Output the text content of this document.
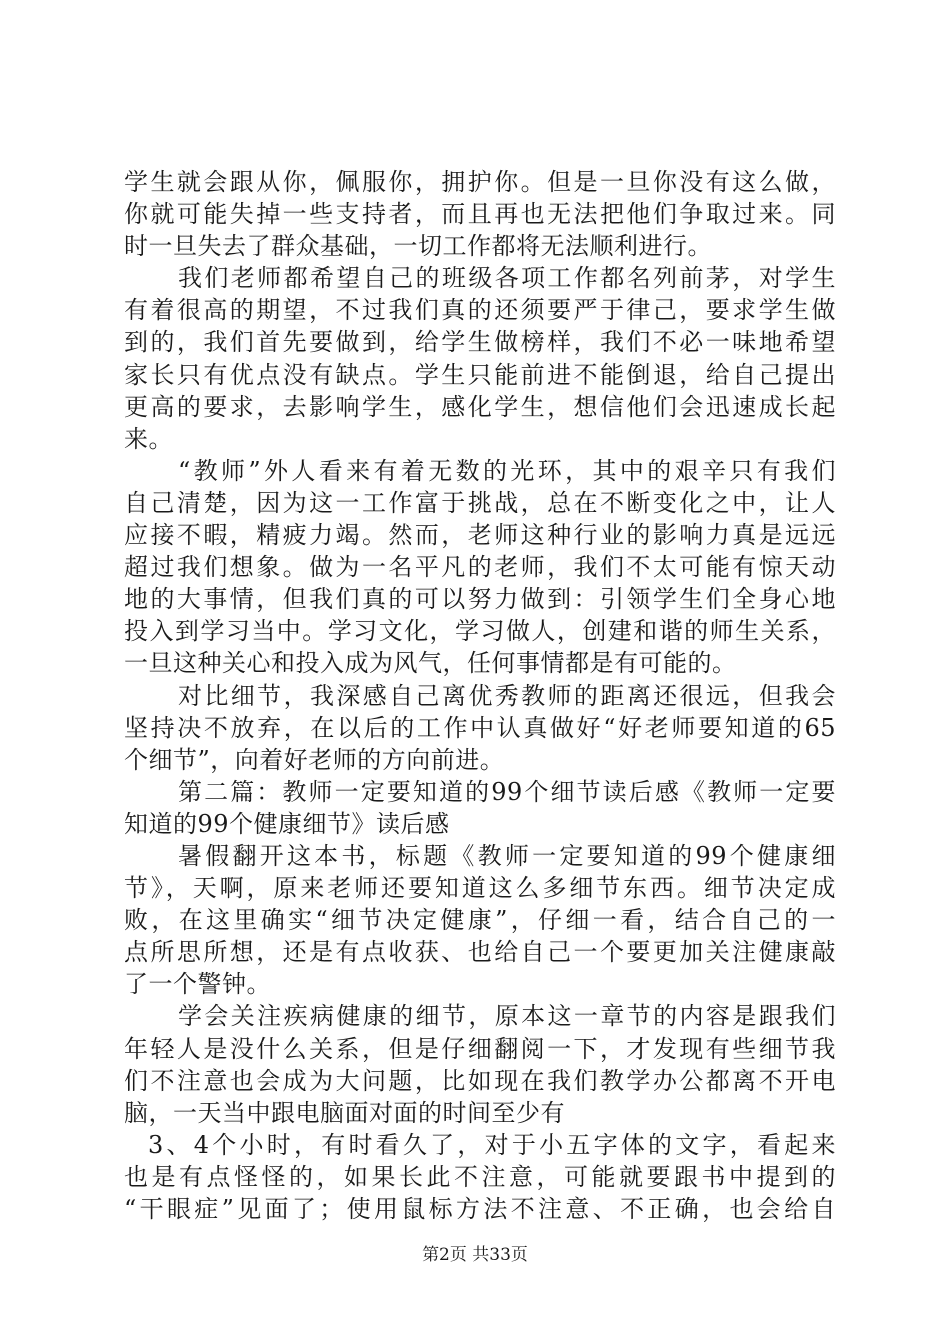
学生就会跟从你，佩服你，拥护你。但是一旦你没有这么做，
你就可能失掉一些支持者，而且再也无法把他们争取过来。同
时一旦失去了群众基础，一切工作都将无法顺利进行。
我们老师都希望自己的班级各项工作都名列前茅，对学生
有着很高的期望，不过我们真的还须要严于律己，要求学生做
到的，我们首先要做到，给学生做榜样，我们不必一味地希望
家长只有优点没有缺点。学生只能前进不能倒退，给自己提出
更高的要求，去影响学生，感化学生，想信他们会迅速成长起
来。
“教师”外人看来有着无数的光环，其中的艰辛只有我们
自己清楚，因为这一工作富于挑战，总在不断变化之中，让人
应接不暇，精疲力竭。然而，老师这种行业的影响力真是远远
超过我们想象。做为一名平凡的老师，我们不太可能有惊天动
地的大事情，但我们真的可以努力做到：引领学生们全身心地
投入到学习当中。学习文化，学习做人，创建和谐的师生关系，
一旦这种关心和投入成为风气，任何事情都是有可能的。
对比细节，我深感自己离优秀教师的距离还很远，但我会
坚持决不放弃，在以后的工作中认真做好“好老师要知道的65
个细节”，向着好老师的方向前进。
第二篇：教师一定要知道的99个细节读后感《教师一定要
知道的99个健康细节》读后感
暑假翻开这本书，标题《教师一定要知道的99个健康细
节》，天啊，原来老师还要知道这么多细节东西。细节决定成
败，在这里确实“细节决定健康”，仔细一看，结合自己的一
点所思所想，还是有点收获、也给自己一个要更加关注健康敲
了一个警钟。
学会关注疾病健康的细节，原本这一章节的内容是跟我们
年轻人是没什么关系，但是仔细翻阅一下，才发现有些细节我
们不注意也会成为大问题，比如现在我们教学办公都离不开电
脑，一天当中跟电脑面对面的时间至少有
3、4个小时，有时看久了，对于小五字体的文字，看起来
也是有点怪怪的，如果长此不注意，可能就要跟书中提到的
“干眼症”见面了；使用鼠标方法不注意、不正确，也会给自
第2页 共33页
